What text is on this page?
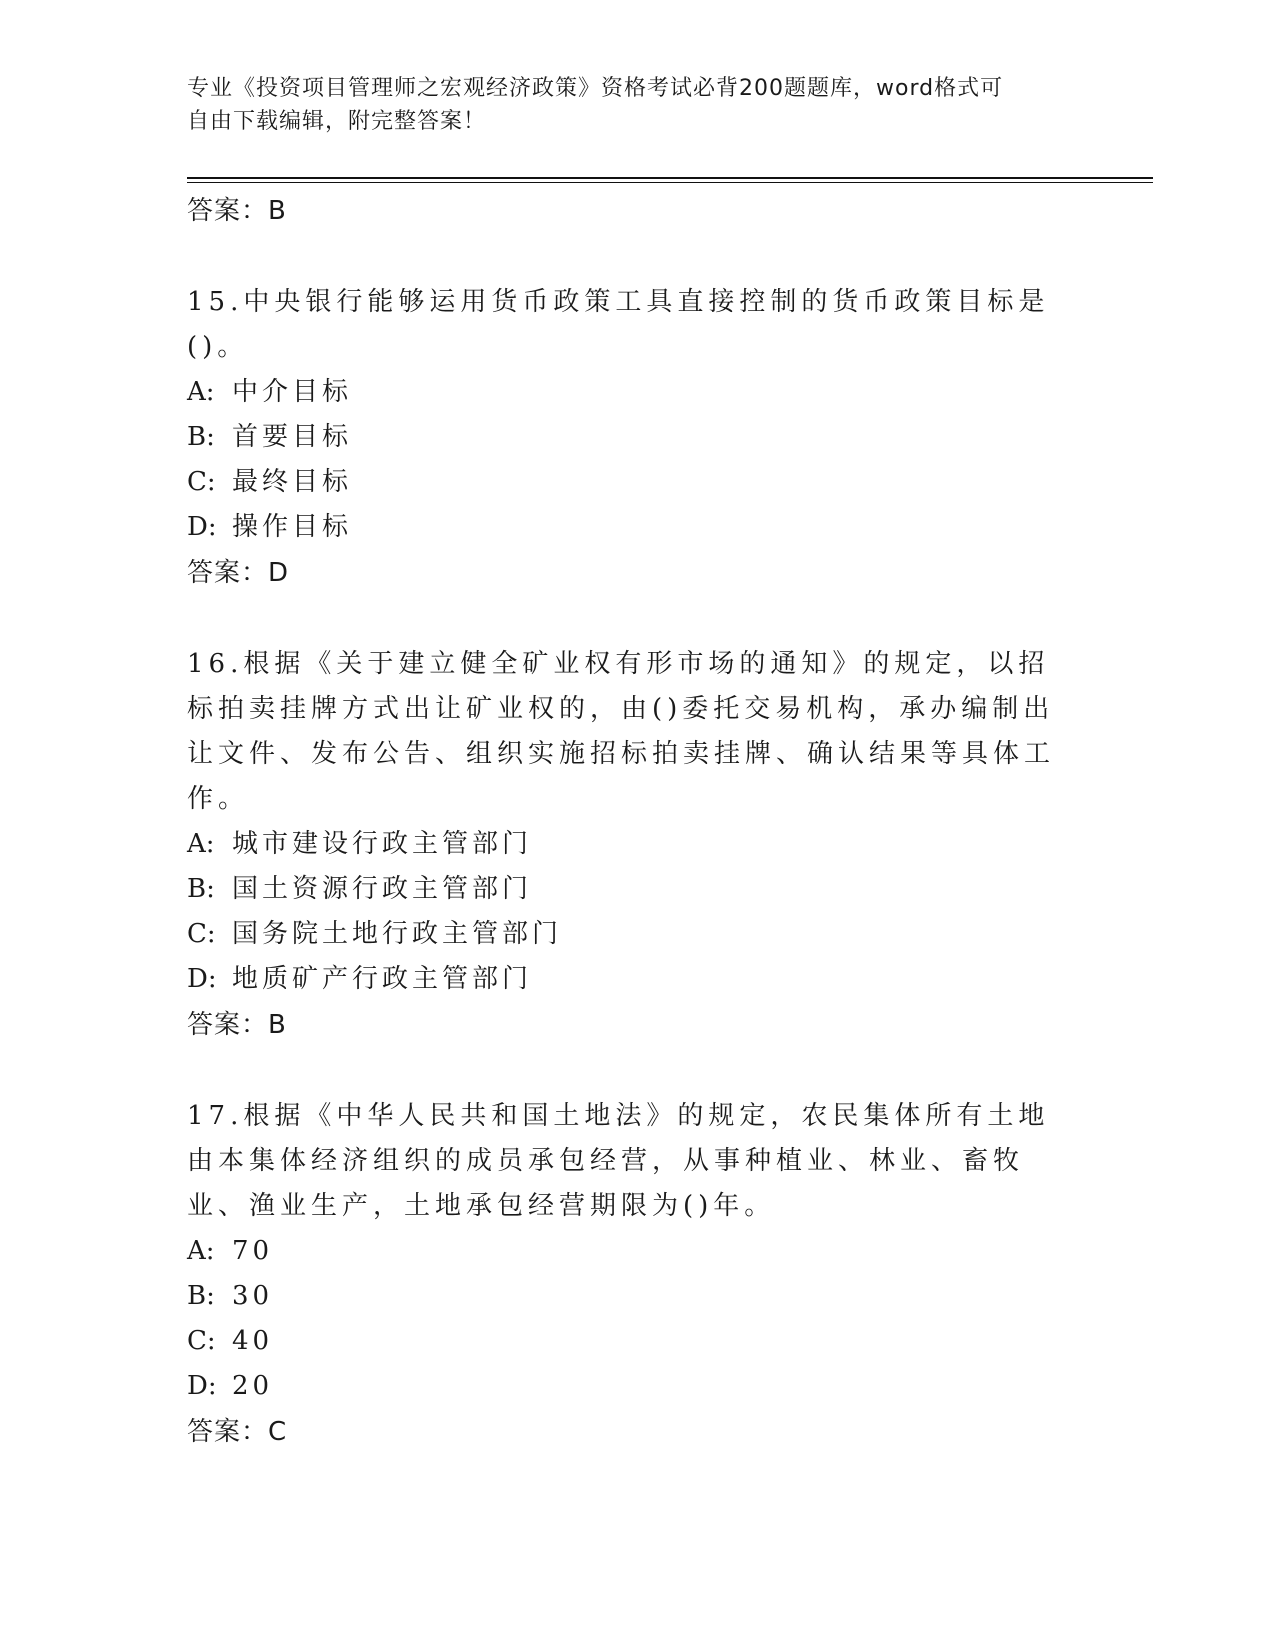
专业《投资项目管理师之宏观经济政策》资格考试必背200题题库，word格式可
自由下载编辑，附完整答案！
答案：B
15.中央银行能够运用货币政策工具直接控制的货币政策目标是()。
A: 中介目标
B: 首要目标
C: 最终目标
D: 操作目标
答案：D
16.根据《关于建立健全矿业权有形市场的通知》的规定，以招标拍卖挂牌方式出让矿业权的，由()委托交易机构，承办编制出让文件、发布公告、组织实施招标拍卖挂牌、确认结果等具体工作。
A: 城市建设行政主管部门
B: 国土资源行政主管部门
C: 国务院土地行政主管部门
D: 地质矿产行政主管部门
答案：B
17.根据《中华人民共和国土地法》的规定，农民集体所有土地由本集体经济组织的成员承包经营，从事种植业、林业、畜牧业、渔业生产，土地承包经营期限为()年。
A: 70
B: 30
C: 40
D: 20
答案：C
